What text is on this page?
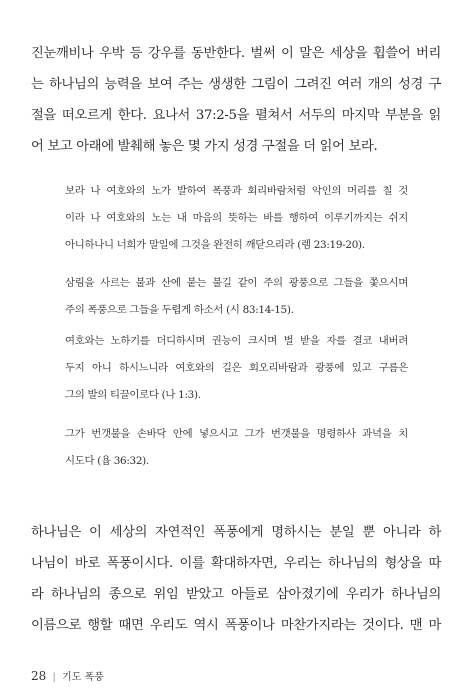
진눈깨비나 우박 등 강우를 동반한다. 벌써 이 말은 세상을 휩쓸어 버리
는 하나님의 능력을 보여 주는 생생한 그림이 그려진 여러 개의 성경 구
절을 떠오르게 한다. 요나서 37:2-5을 펼쳐서 서두의 마지막 부분을 읽
어 보고 아래에 발췌해 놓은 몇 가지 성경 구절을 더 읽어 보라.
보라 나 여호와의 노가 발하여 폭풍과 회리바람처럼 악인의 머리를 칠 것
이라 나 여호와의 노는 내 마음의 뜻하는 바를 행하여 이루기까지는 쉬지
아니하나니 너희가 말일에 그것을 완전히 깨닫으리라 (렘 23:19-20).
삼림을 사르는 불과 산에 붙는 불길 같이 주의 광풍으로 그들을 쫓으시며
주의 폭풍으로 그들을 두렵게 하소서 (시 83:14-15).
여호와는 노하기를 더디하시며 권능이 크시며 벌 받을 자를 결코 내버려
두지 아니 하시느니라 여호와의 길은 회오리바람과 광풍에 있고 구름은
그의 발의 티끌이로다 (나 1:3).
그가 번갯불을 손바닥 안에 넣으시고 그가 번갯불을 명령하사 과녁을 치
시도다 (욥 36:32).
하나님은 이 세상의 자연적인 폭풍에게 명하시는 분일 뿐 아니라 하
나님이 바로 폭풍이시다. 이를 확대하자면, 우리는 하나님의 형상을 따
라 하나님의 종으로 위임 받았고 아들로 삼아졌기에 우리가 하나님의
이름으로 행할 때면 우리도 역시 폭풍이나 마찬가지라는 것이다. 맨 마
28 | 기도 폭풍
